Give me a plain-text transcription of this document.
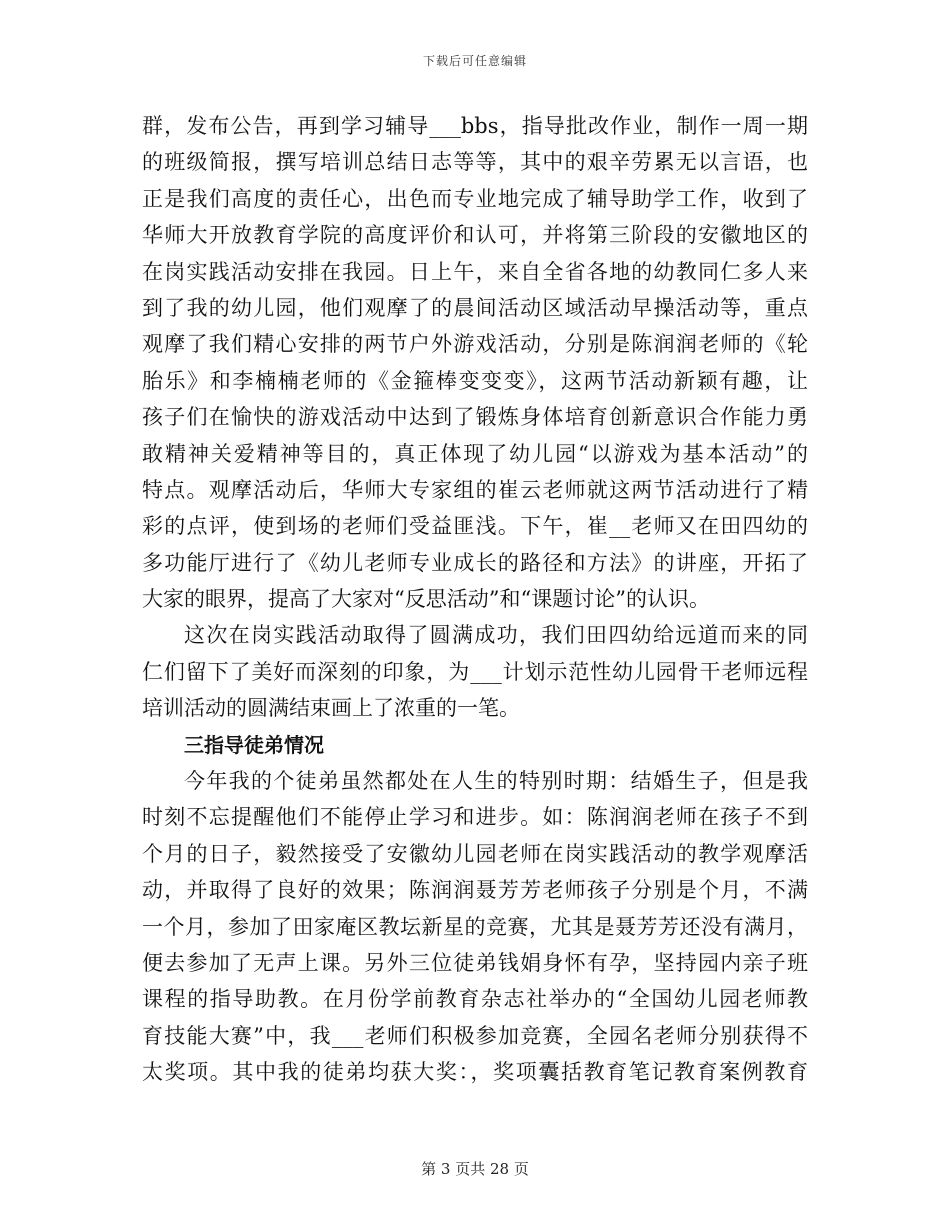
下载后可任意编辑
群，发布公告，再到学习辅导___bbs，指导批改作业，制作一周一期
的班级简报，撰写培训总结日志等等，其中的艰辛劳累无以言语，也
正是我们高度的责任心，出色而专业地完成了辅导助学工作，收到了
华师大开放教育学院的高度评价和认可，并将第三阶段的安徽地区的
在岗实践活动安排在我园。日上午，来自全省各地的幼教同仁多人来
到了我的幼儿园，他们观摩了的晨间活动区域活动早操活动等，重点
观摩了我们精心安排的两节户外游戏活动，分别是陈润润老师的《轮
胎乐》和李楠楠老师的《金箍棒变变变》，这两节活动新颖有趣，让
孩子们在愉快的游戏活动中达到了锻炼身体培育创新意识合作能力勇
敢精神关爱精神等目的，真正体现了幼儿园“以游戏为基本活动”的
特点。观摩活动后，华师大专家组的崔云老师就这两节活动进行了精
彩的点评，使到场的老师们受益匪浅。下午，崔__老师又在田四幼的
多功能厅进行了《幼儿老师专业成长的路径和方法》的讲座，开拓了
大家的眼界，提高了大家对“反思活动”和“课题讨论”的认识。
这次在岗实践活动取得了圆满成功，我们田四幼给远道而来的同
仁们留下了美好而深刻的印象，为___计划示范性幼儿园骨干老师远程
培训活动的圆满结束画上了浓重的一笔。
三指导徒弟情况
今年我的个徒弟虽然都处在人生的特别时期：结婚生子，但是我
时刻不忘提醒他们不能停止学习和进步。如：陈润润老师在孩子不到
个月的日子，毅然接受了安徽幼儿园老师在岗实践活动的教学观摩活
动，并取得了良好的效果；陈润润聂芳芳老师孩子分别是个月，不满
一个月，参加了田家庵区教坛新星的竞赛，尤其是聂芳芳还没有满月，
便去参加了无声上课。另外三位徒弟钱娟身怀有孕，坚持园内亲子班
课程的指导助教。在月份学前教育杂志社举办的“全国幼儿园老师教
育技能大赛”中，我___老师们积极参加竞赛，全园名老师分别获得不
太奖项。其中我的徒弟均获大奖：，奖项囊括教育笔记教育案例教育
第 3 页共 28 页
